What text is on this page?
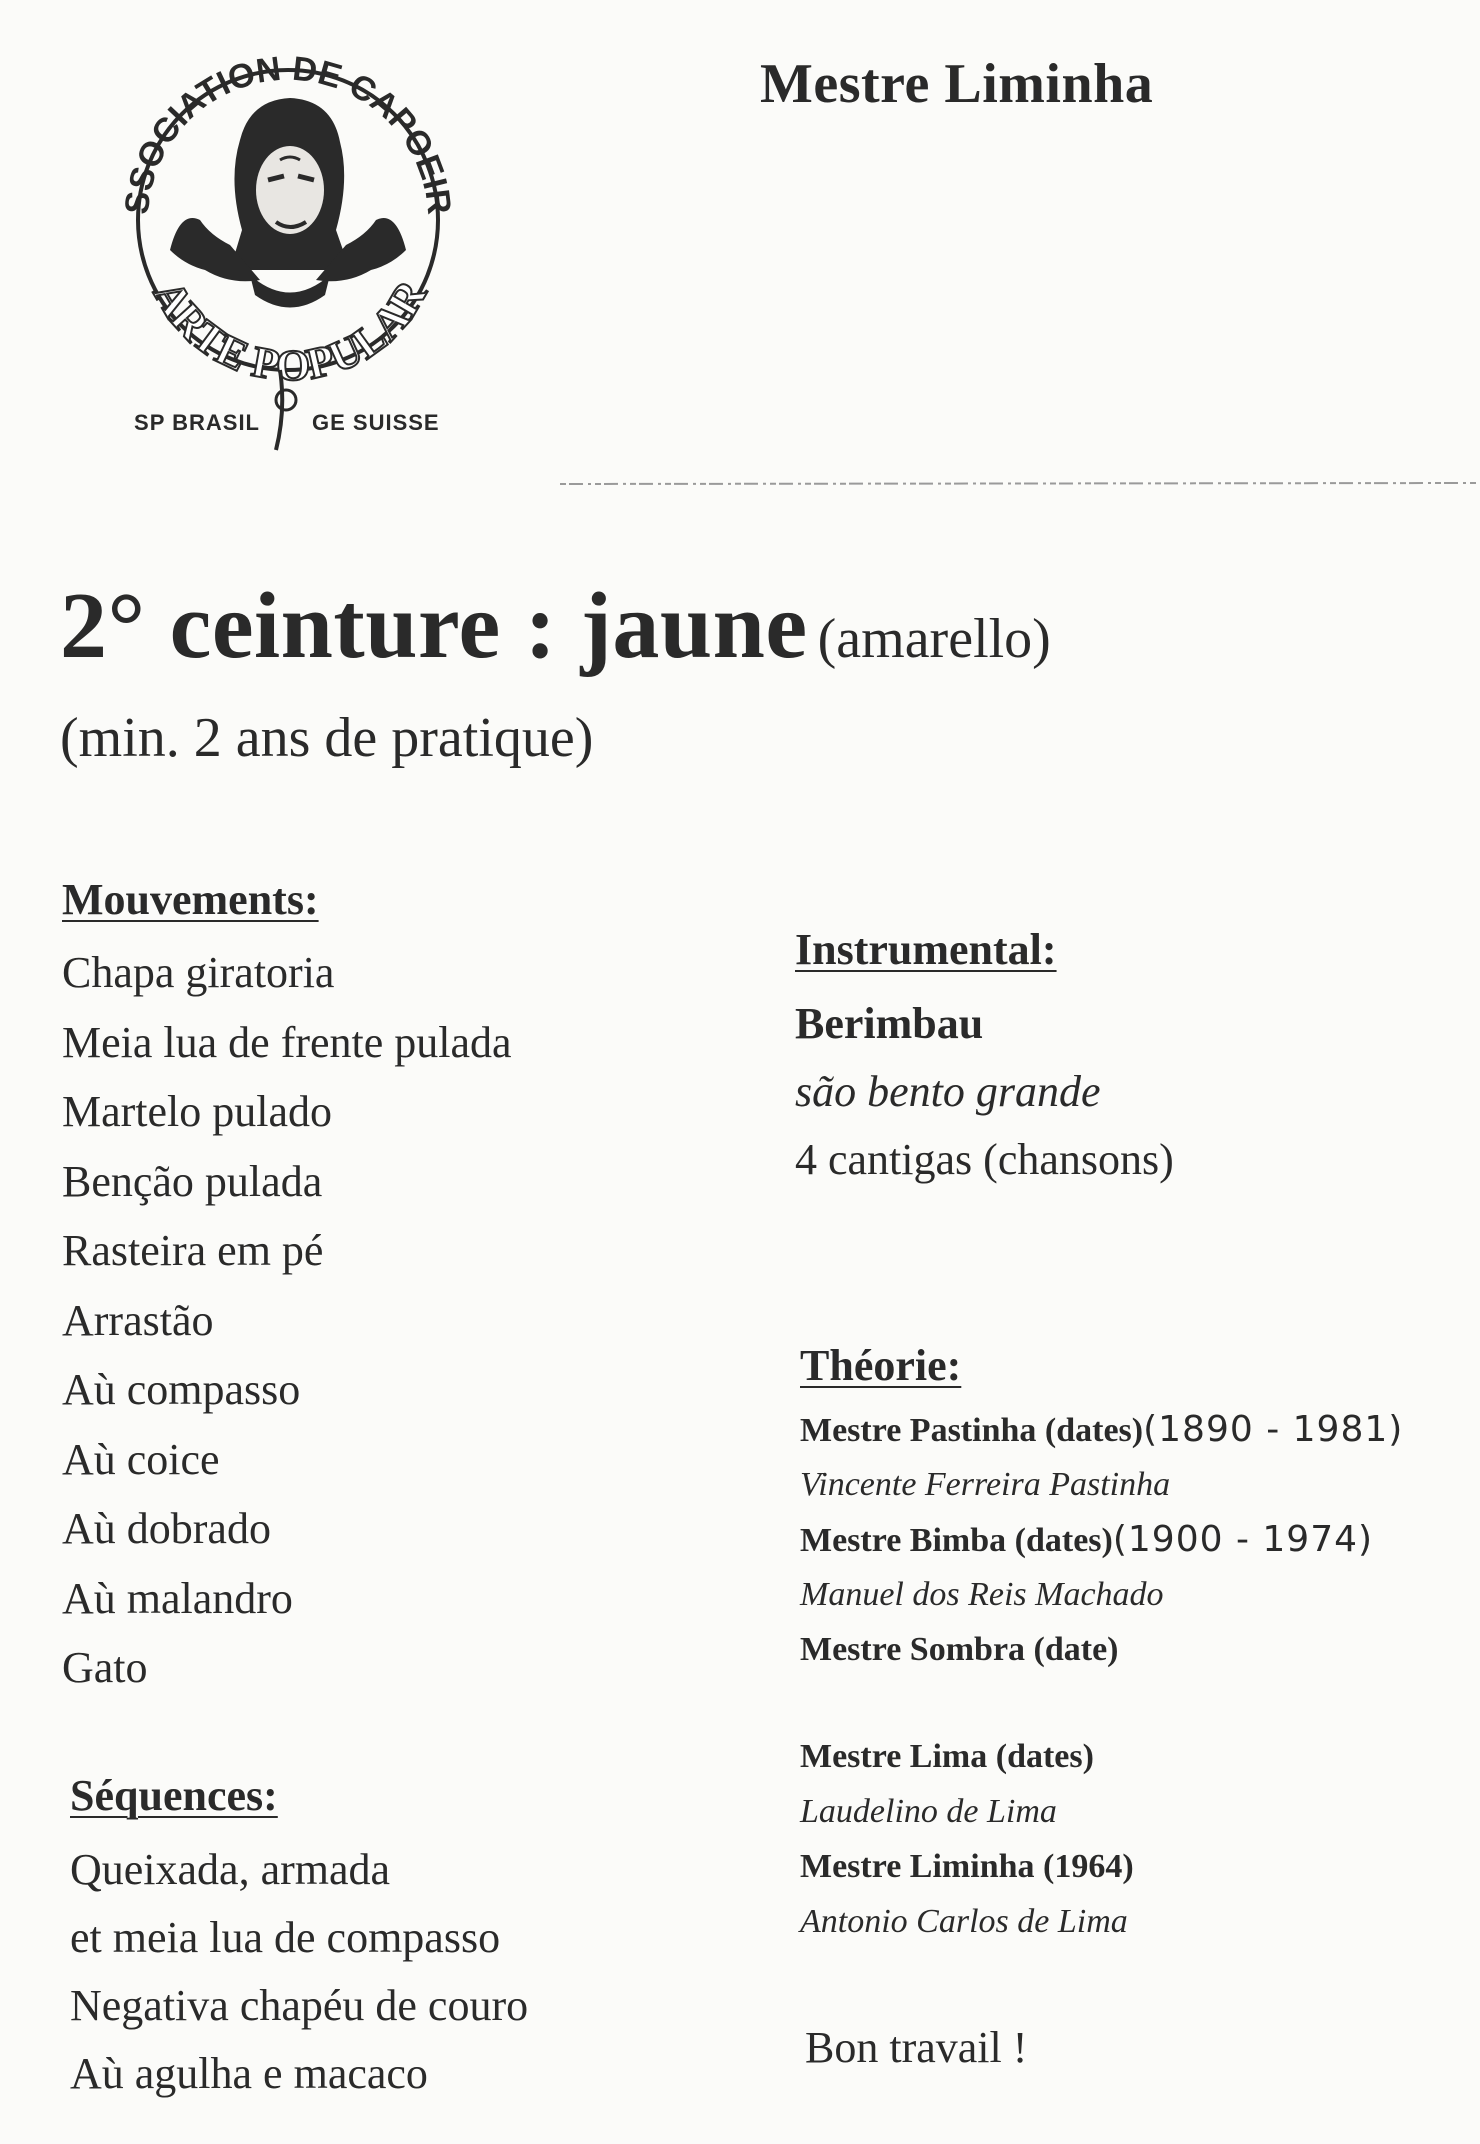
SSOCIATION DE CAPOEIR
ARTE POPULAR
SP BRASIL GE SUISSE
Mestre Liminha
2° ceinture : jaune (amarello)
(min. 2 ans de pratique)
Mouvements:
Chapa giratoria
Meia lua de frente pulada
Martelo pulado
Benção pulada
Rasteira em pé
Arrastão
Aù compasso
Aù coice
Aù dobrado
Aù malandro
Gato
Séquences:
Queixada, armada
et meia lua de compasso
Negativa chapéu de couro
Aù agulha e macaco
Instrumental:
Berimbau
são bento grande
4 cantigas (chansons)
Théorie:
Mestre Pastinha (dates)(1890 - 1981)
Vincente Ferreira Pastinha
Mestre Bimba (dates)(1900 - 1974)
Manuel dos Reis Machado
Mestre Sombra (date)
Mestre Lima (dates)
Laudelino de Lima
Mestre Liminha (1964)
Antonio Carlos de Lima
Bon travail !
